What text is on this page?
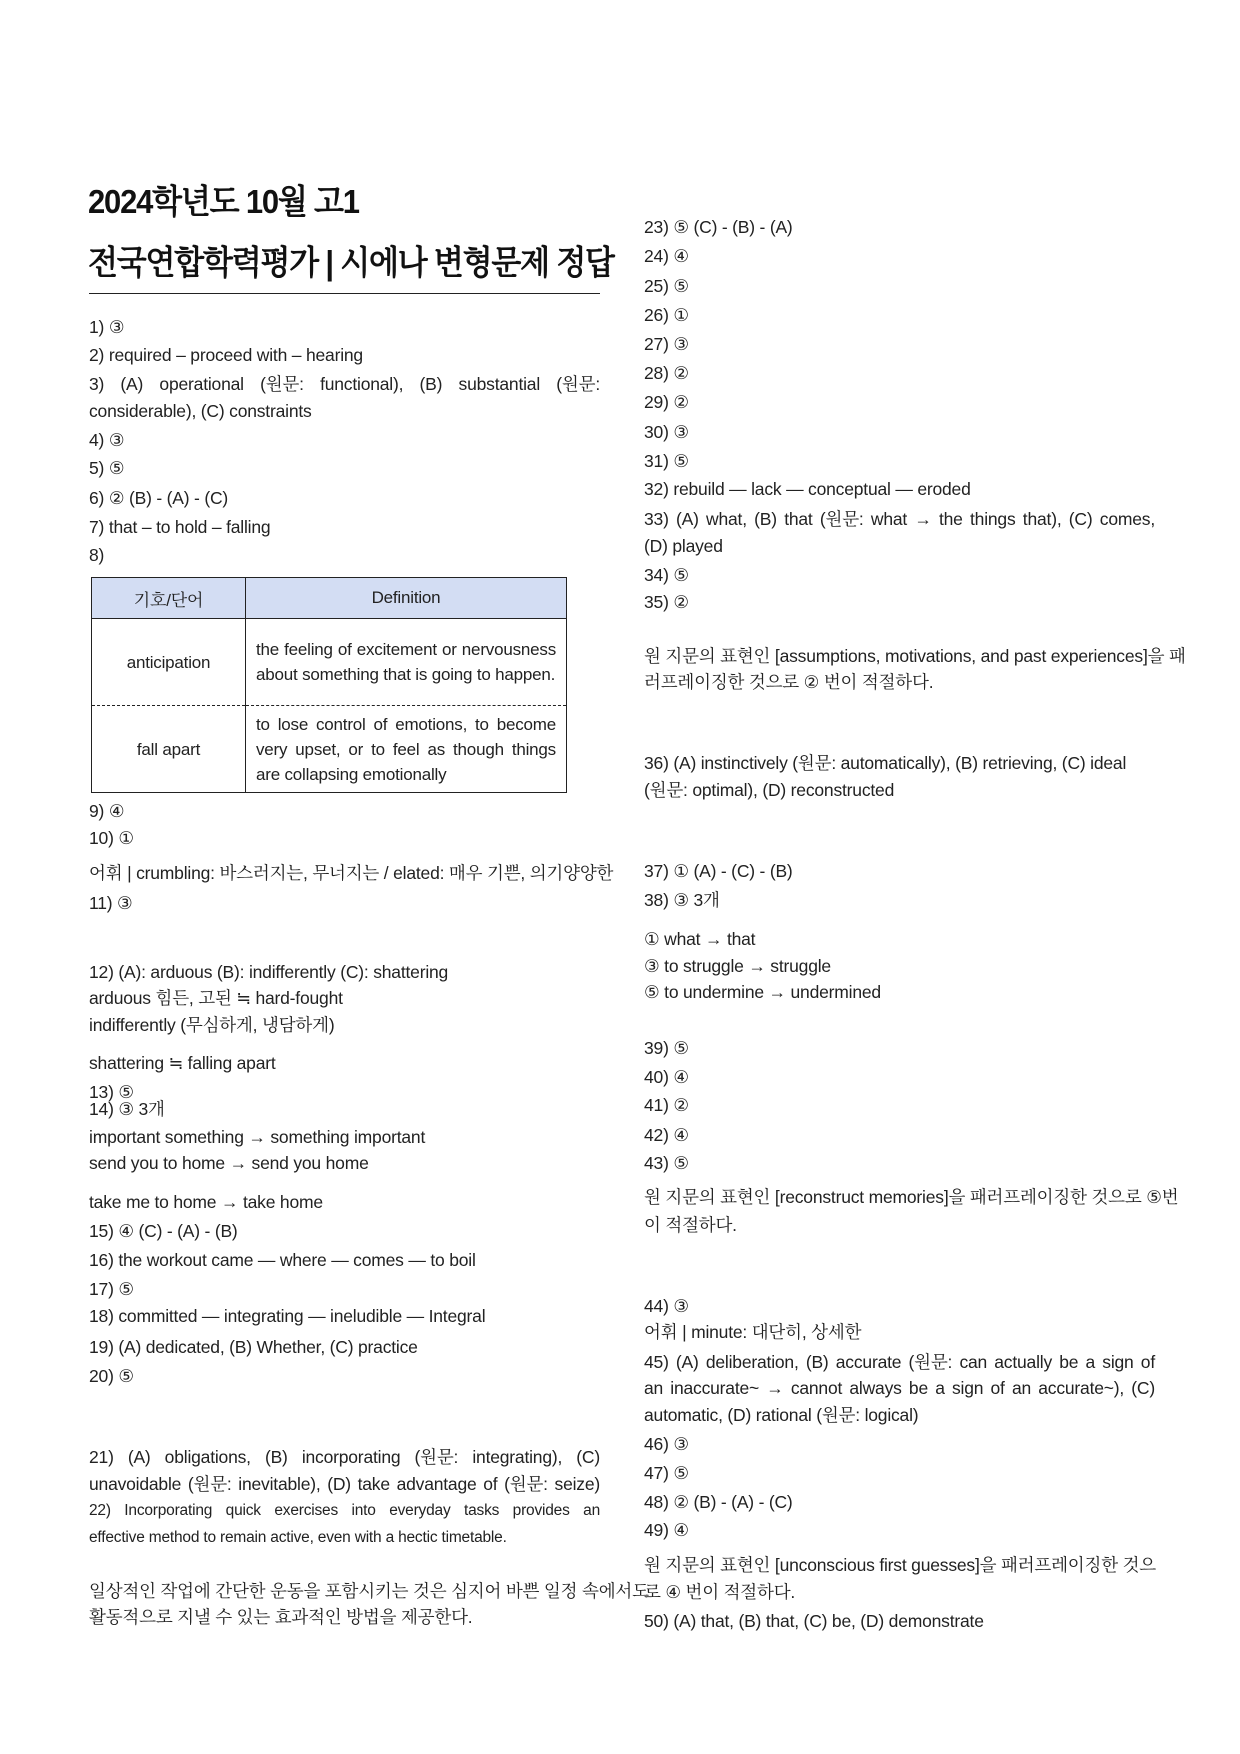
2024학년도 10월 고1
전국연합학력평가 | 시에나 변형문제 정답
1) ③
2) required – proceed with – hearing
3) (A) operational (원문: functional), (B) substantial (원문:
considerable), (C) constraints
4) ③
5) ⑤
6) ② (B) - (A) - (C)
7) that – to hold – falling
8)
9) ④
10) ①
어휘 | crumbling: 바스러지는, 무너지는 / elated: 매우 기쁜, 의기양양한
11) ③
12) (A): arduous (B): indifferently (C): shattering
arduous 힘든, 고된 ≒ hard-fought
indifferently (무심하게, 냉담하게)
shattering ≒ falling apart
13) ⑤
14) ③ 3개
important something → something important
send you to home → send you home
take me to home → take home
15) ④ (C) - (A) - (B)
16) the workout came — where — comes — to boil
17) ⑤
18) committed — integrating — ineludible — Integral
19) (A) dedicated, (B) Whether, (C) practice
20) ⑤
21) (A) obligations, (B) incorporating (원문: integrating), (C)
unavoidable (원문: inevitable), (D) take advantage of (원문: seize)
22) Incorporating quick exercises into everyday tasks provides an
effective method to remain active, even with a hectic timetable.
일상적인 작업에 간단한 운동을 포함시키는 것은 심지어 바쁜 일정 속에서도
활동적으로 지낼 수 있는 효과적인 방법을 제공한다.
23) ⑤ (C) - (B) - (A)
24) ④
25) ⑤
26) ①
27) ③
28) ②
29) ②
30) ③
31) ⑤
32) rebuild — lack — conceptual — eroded
33) (A) what, (B) that (원문: what → the things that), (C) comes,
(D) played
34) ⑤
35) ②
원 지문의 표현인 [assumptions, motivations, and past experiences]을 패
러프레이징한 것으로 ② 번이 적절하다.
36) (A) instinctively (원문: automatically), (B) retrieving, (C) ideal
(원문: optimal), (D) reconstructed
37) ① (A) - (C) - (B)
38) ③ 3개
① what → that
③ to struggle → struggle
⑤ to undermine → undermined
39) ⑤
40) ④
41) ②
42) ④
43) ⑤
원 지문의 표현인 [reconstruct memories]을 패러프레이징한 것으로 ⑤번
이 적절하다.
44) ③
어휘 | minute: 대단히, 상세한
45) (A) deliberation, (B) accurate (원문: can actually be a sign of
an inaccurate~ → cannot always be a sign of an accurate~), (C)
automatic, (D) rational (원문: logical)
46) ③
47) ⑤
48) ② (B) - (A) - (C)
49) ④
원 지문의 표현인 [unconscious first guesses]을 패러프레이징한 것으
로 ④ 번이 적절하다.
50) (A) that, (B) that, (C) be, (D) demonstrate
기호/단어	Definition
anticipation	the feeling of excitement or nervousness about something that is going to happen.
fall apart	to lose control of emotions, to become very upset, or to feel as though things are collapsing emotionally
